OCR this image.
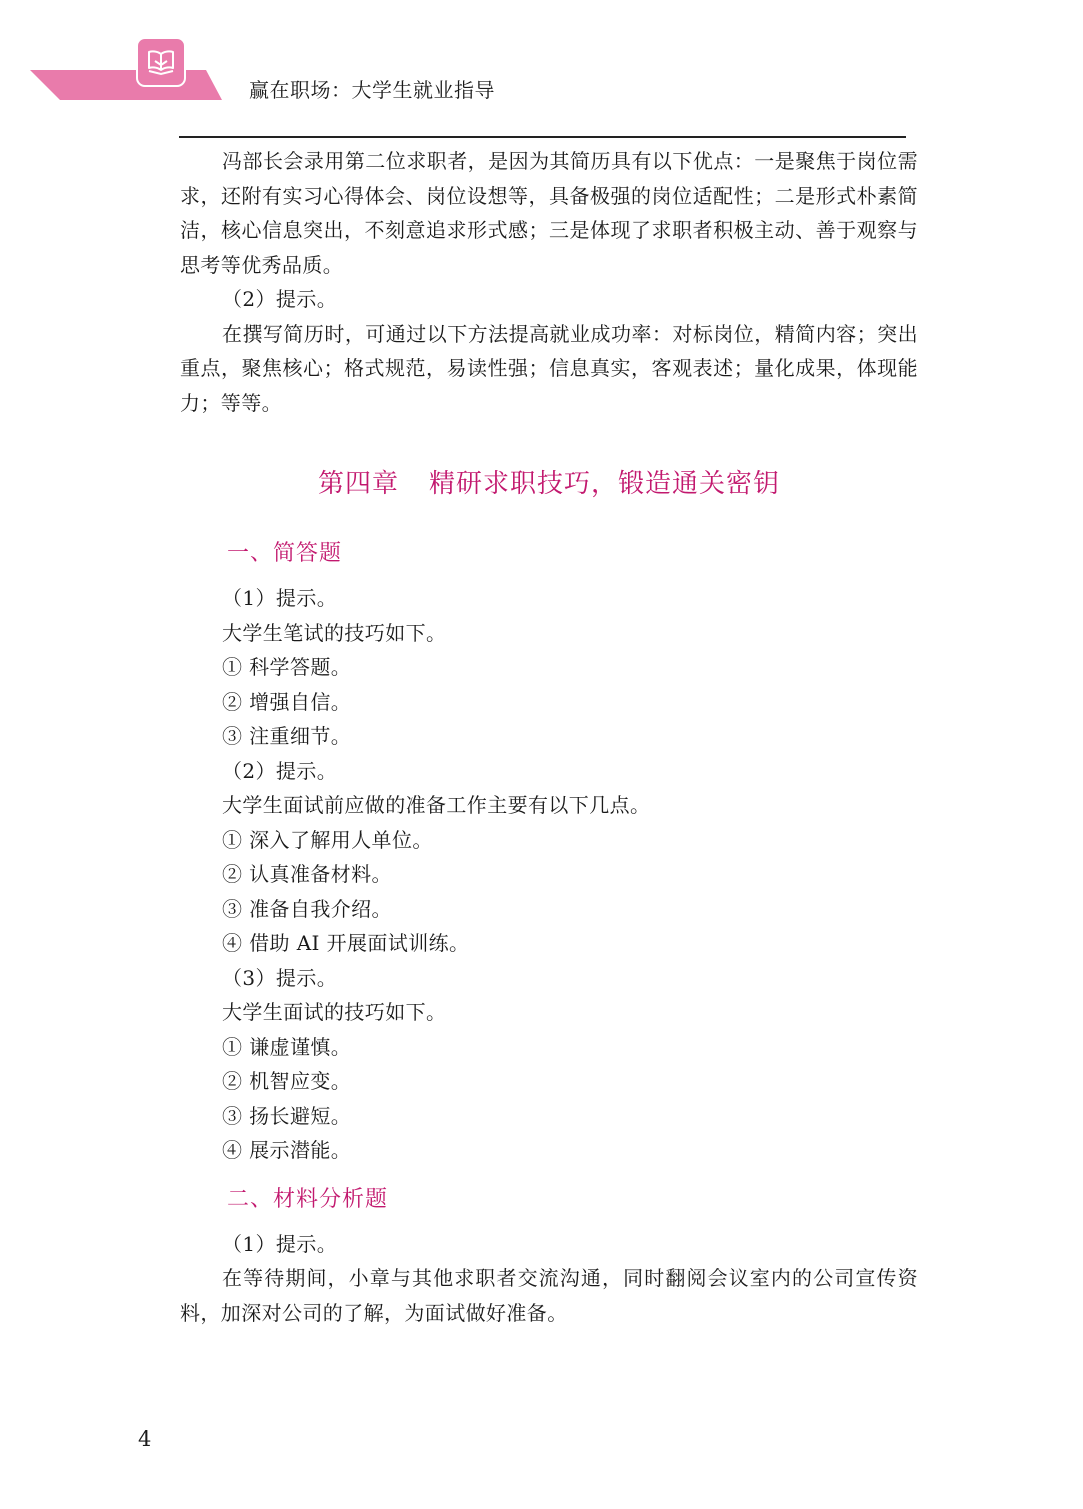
赢在职场：大学生就业指导

冯部长会录用第二位求职者，是因为其简历具有以下优点：一是聚焦于岗位需求，还附有实习心得体会、岗位设想等，具备极强的岗位适配性；二是形式朴素简洁，核心信息突出，不刻意追求形式感；三是体现了求职者积极主动、善于观察与思考等优秀品质。

（2）提示。

在撰写简历时，可通过以下方法提高就业成功率：对标岗位，精简内容；突出重点，聚焦核心；格式规范，易读性强；信息真实，客观表述；量化成果，体现能力；等等。

第四章 精研求职技巧，锻造通关密钥

一、简答题

（1）提示。

大学生笔试的技巧如下。

① 科学答题。

② 增强自信。

③ 注重细节。

（2）提示。

大学生面试前应做的准备工作主要有以下几点。

① 深入了解用人单位。

② 认真准备材料。

③ 准备自我介绍。

④ 借助 AI 开展面试训练。

（3）提示。

大学生面试的技巧如下。

① 谦虚谨慎。

② 机智应变。

③ 扬长避短。

④ 展示潜能。

二、材料分析题

（1）提示。

在等待期间，小章与其他求职者交流沟通，同时翻阅会议室内的公司宣传资料，加深对公司的了解，为面试做好准备。

4
